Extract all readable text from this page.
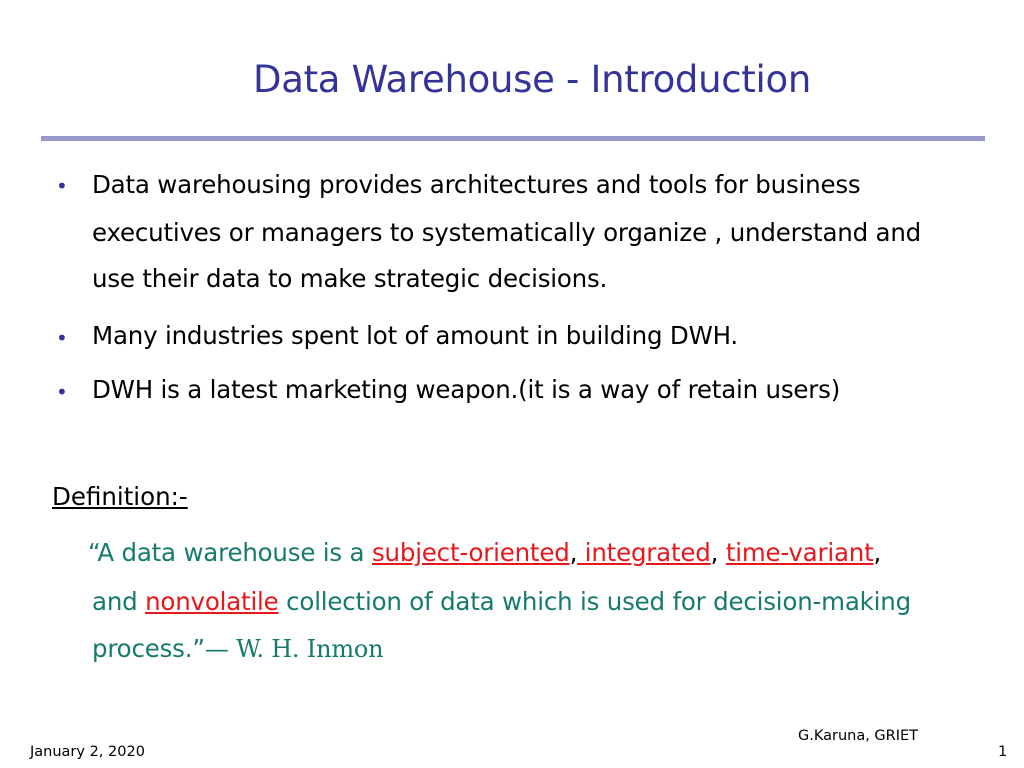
Data Warehouse - Introduction
• Data warehousing provides architectures and tools for business
executives or managers to systematically organize , understand and
use their data to make strategic decisions.
• Many industries spent lot of amount in building DWH.
• DWH is a latest marketing weapon.(it is a way of retain users)
Definition:-
“A data warehouse is a subject-oriented, integrated, time-variant,
and nonvolatile collection of data which is used for decision-making
process.”— W. H. Inmon
January 2, 2020
G.Karuna, GRIET
1
